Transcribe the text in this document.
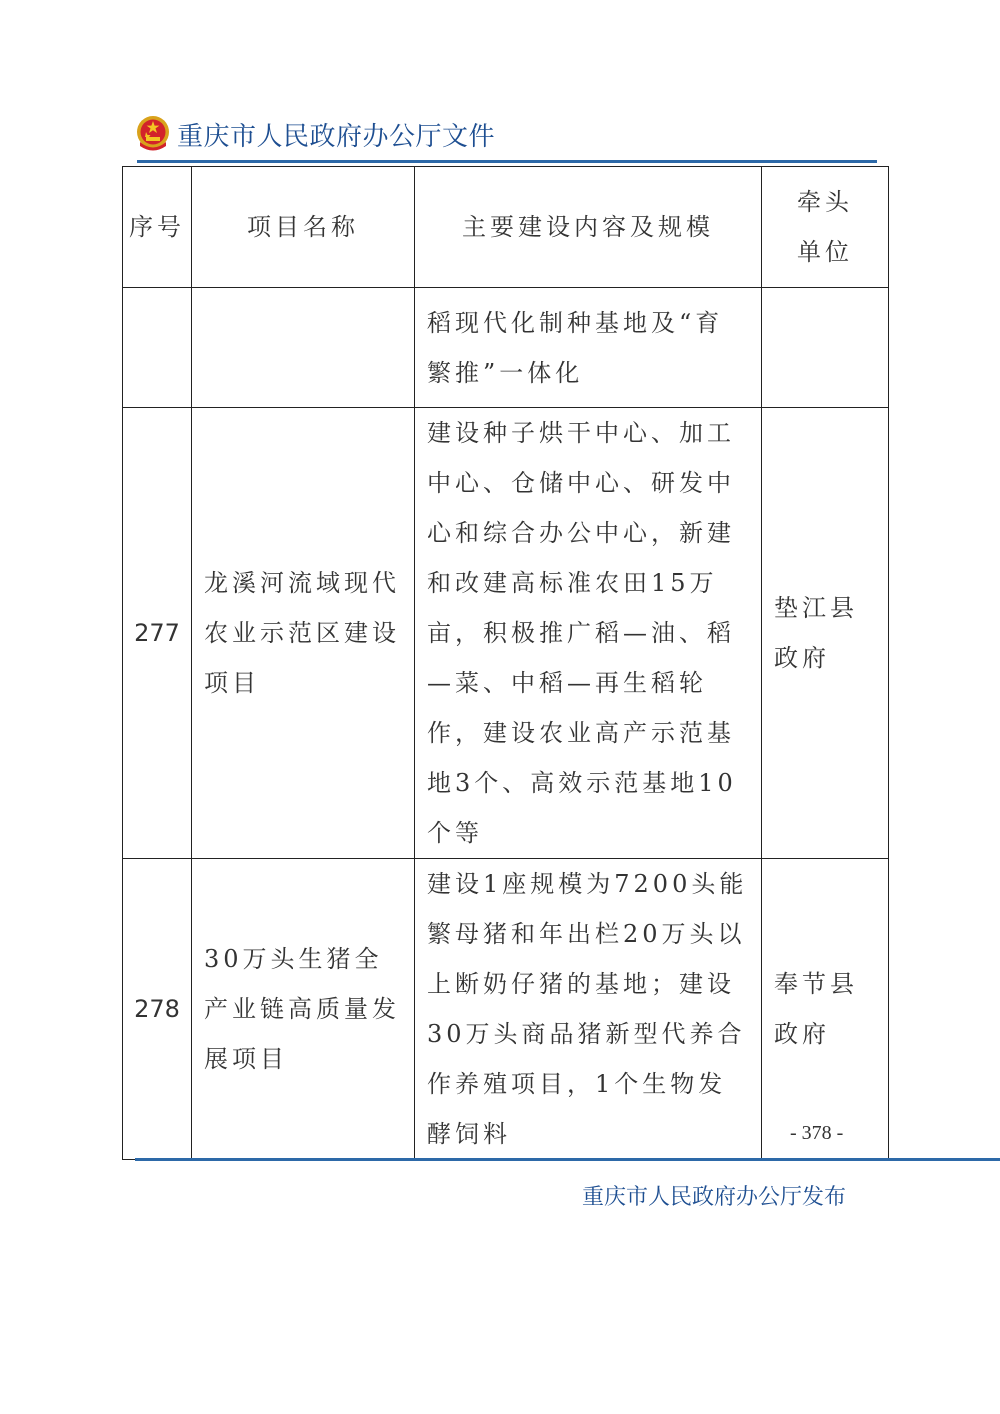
重庆市人民政府办公厅文件
序号	项目名称	主要建设内容及规模	牵头单位

		稻现代化制种基地及“育繁推”一体化	

277	龙溪河流域现代农业示范区建设项目	建设种子烘干中心、加工中心、仓储中心、研发中心和综合办公中心，新建和改建高标准农田15万亩，积极推广稻—油、稻—菜、中稻—再生稻轮作，建设农业高产示范基地3个、高效示范基地10个等	垫江县政府

278	30万头生猪全产业链高质量发展项目	建设1座规模为7200头能繁母猪和年出栏20万头以上断奶仔猪的基地；建设30万头商品猪新型代养合作养殖项目，1个生物发酵饲料	奉节县政府
- 378 -
重庆市人民政府办公厅发布
